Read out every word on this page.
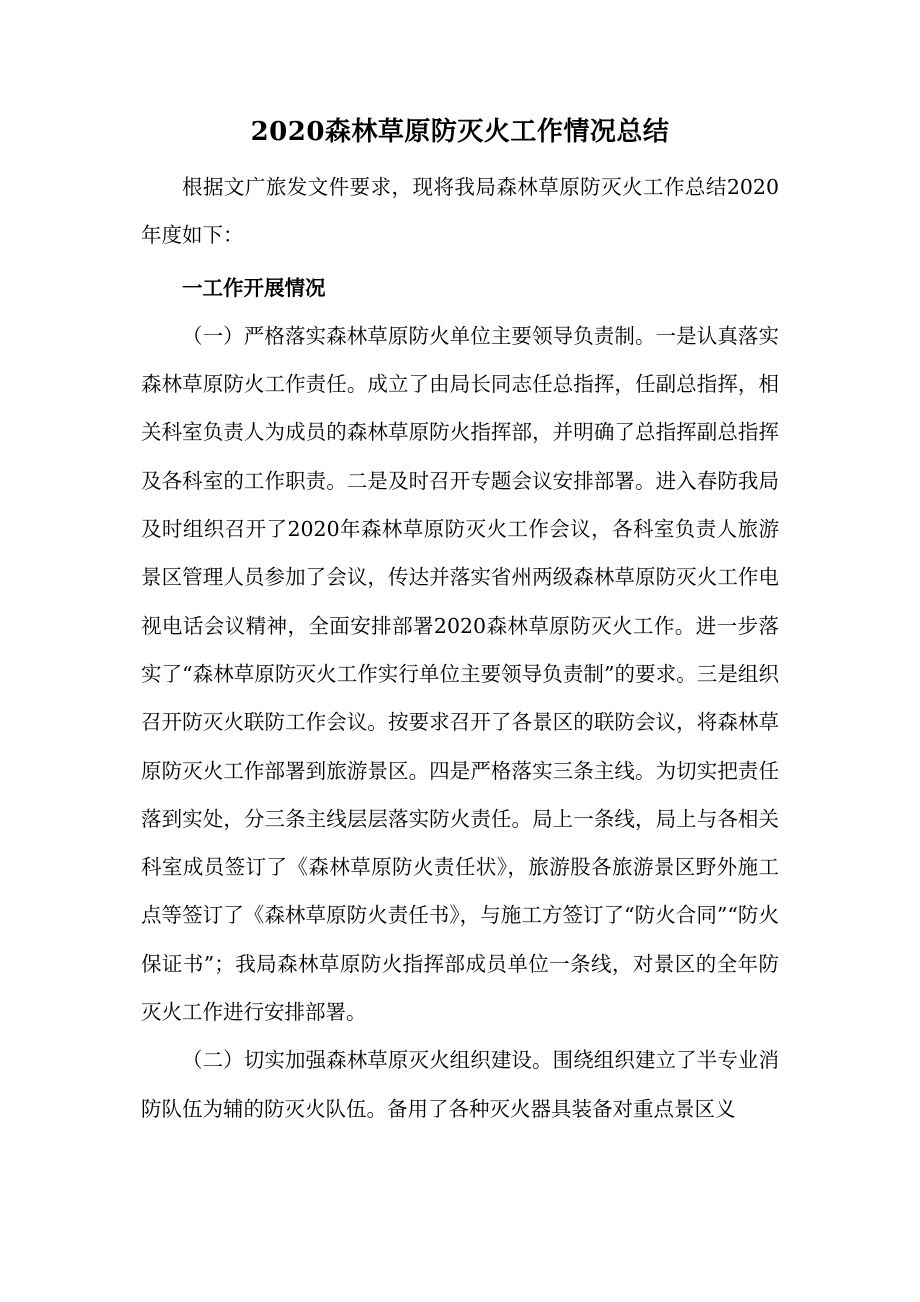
2020森林草原防灭火工作情况总结

根据文广旅发文件要求，现将我局森林草原防灭火工作总结2020年度如下：

一工作开展情况

（一）严格落实森林草原防火单位主要领导负责制。一是认真落实森林草原防火工作责任。成立了由局长同志任总指挥，任副总指挥，相关科室负责人为成员的森林草原防火指挥部，并明确了总指挥副总指挥及各科室的工作职责。二是及时召开专题会议安排部署。进入春防我局及时组织召开了2020年森林草原防灭火工作会议，各科室负责人旅游景区管理人员参加了会议，传达并落实省州两级森林草原防灭火工作电视电话会议精神，全面安排部署2020森林草原防灭火工作。进一步落实了“森林草原防灭火工作实行单位主要领导负责制”的要求。三是组织召开防灭火联防工作会议。按要求召开了各景区的联防会议，将森林草原防灭火工作部署到旅游景区。四是严格落实三条主线。为切实把责任落到实处，分三条主线层层落实防火责任。局上一条线，局上与各相关科室成员签订了《森林草原防火责任状》，旅游股各旅游景区野外施工点等签订了《森林草原防火责任书》，与施工方签订了“防火合同”“防火保证书”；我局森林草原防火指挥部成员单位一条线，对景区的全年防灭火工作进行安排部署。

（二）切实加强森林草原灭火组织建设。围绕组织建立了半专业消防队伍为辅的防灭火队伍。备用了各种灭火器具装备对重点景区义
